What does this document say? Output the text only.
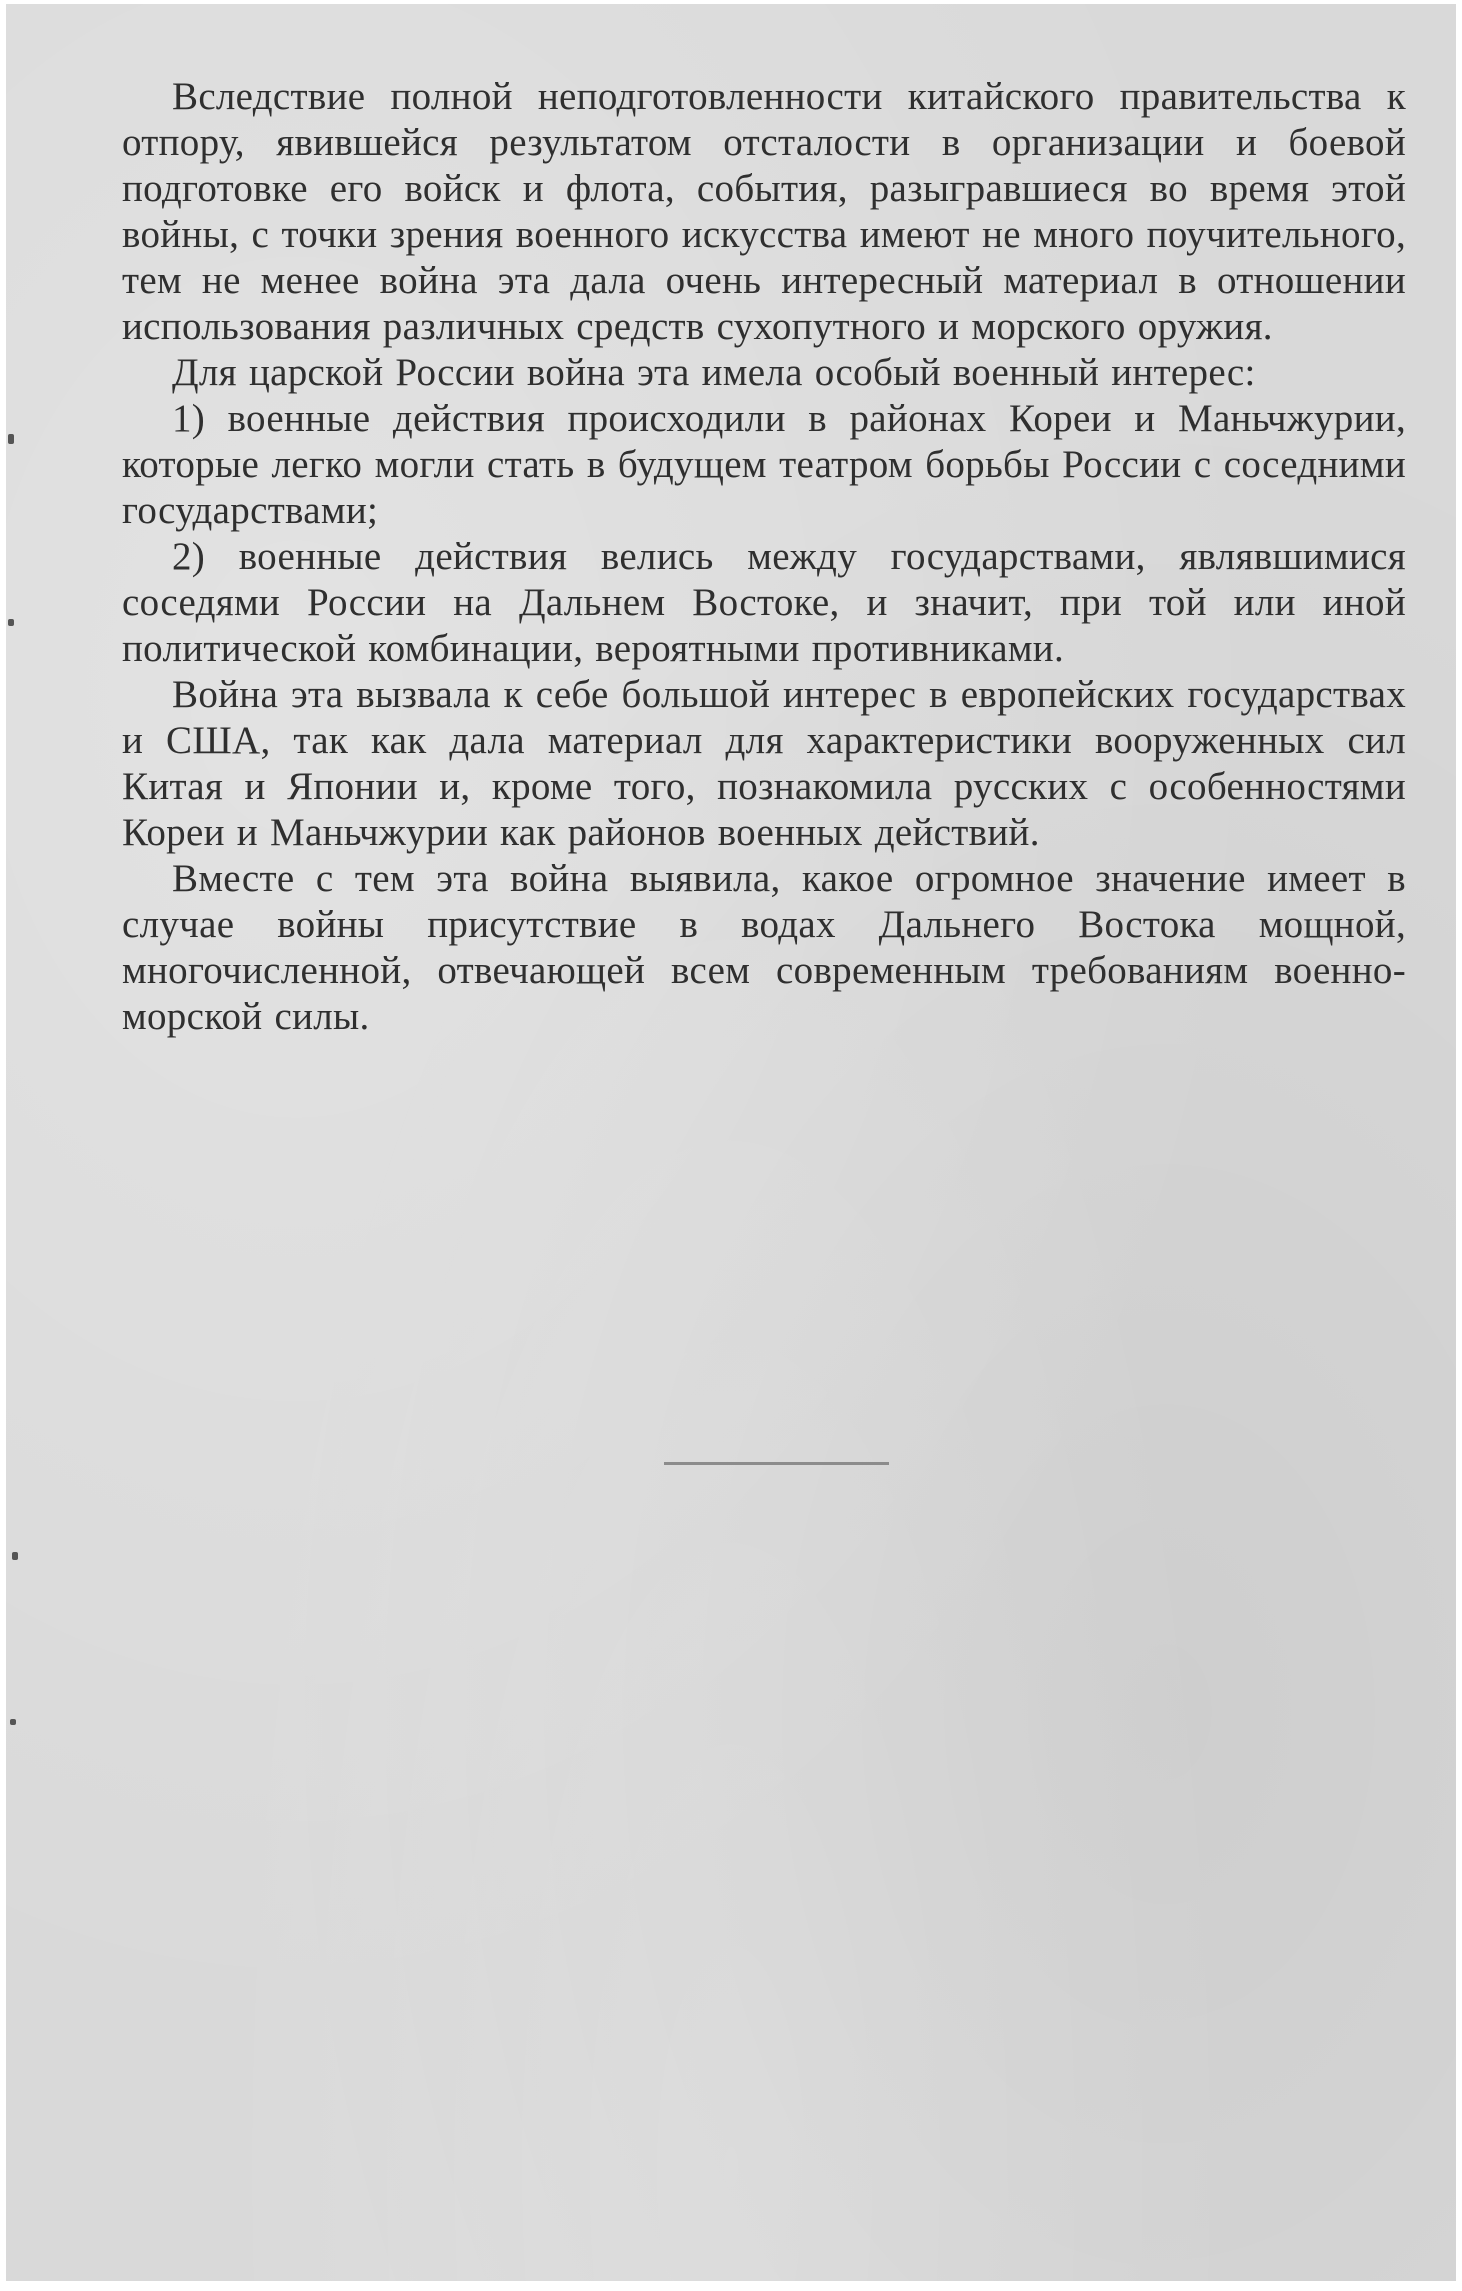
Вследствие полной неподготовленности китайского правительства к отпору, явившейся результатом отсталости в организации и боевой подготовке его войск и флота, события, разыгравшиеся во время этой войны, с точки зрения военного искусства имеют не много поучительного, тем не менее война эта дала очень интересный материал в отношении использования различных средств сухопутного и морского оружия.

Для царской России война эта имела особый военный интерес:

1) военные действия происходили в районах Кореи и Маньчжурии, которые легко могли стать в будущем театром борьбы России с соседними государствами;

2) военные действия велись между государствами, являвшимися соседями России на Дальнем Востоке, и значит, при той или иной политической комбинации, вероятными противниками.

Война эта вызвала к себе большой интерес в европейских государствах и США, так как дала материал для характеристики вооруженных сил Китая и Японии и, кроме того, познакомила русских с особенностями Кореи и Маньчжурии как районов военных действий.

Вместе с тем эта война выявила, какое огромное значение имеет в случае войны присутствие в водах Дальнего Востока мощной, многочисленной, отвечающей всем современным требованиям военно-морской силы.
